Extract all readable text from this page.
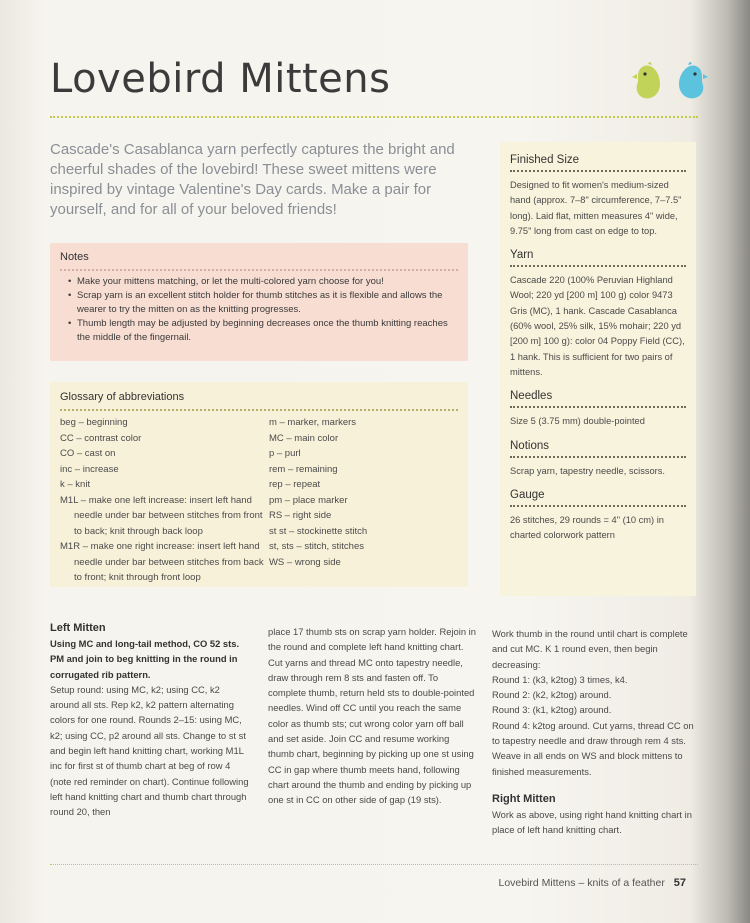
Lovebird Mittens
Cascade's Casablanca yarn perfectly captures the bright and cheerful shades of the lovebird! These sweet mittens were inspired by vintage Valentine's Day cards. Make a pair for yourself, and for all of your beloved friends!
Notes
• Make your mittens matching, or let the multi-colored yarn choose for you!
• Scrap yarn is an excellent stitch holder for thumb stitches as it is flexible and allows the wearer to try the mitten on as the knitting progresses.
• Thumb length may be adjusted by beginning decreases once the thumb knitting reaches the middle of the fingernail.
Glossary of abbreviations
beg – beginning
CC – contrast color
CO – cast on
inc – increase
k – knit
M1L – make one left increase: insert left hand needle under bar between stitches from front to back; knit through back loop
M1R – make one right increase: insert left hand needle under bar between stitches from back to front; knit through front loop
m – marker, markers
MC – main color
p – purl
rem – remaining
rep – repeat
pm – place marker
RS – right side
st st – stockinette stitch
st, sts – stitch, stitches
WS – wrong side
Finished Size
Designed to fit women's medium-sized hand (approx. 7–8" circumference, 7–7.5" long). Laid flat, mitten measures 4" wide, 9.75" long from cast on edge to top.
Yarn
Cascade 220 (100% Peruvian Highland Wool; 220 yd [200 m] 100 g) color 9473 Gris (MC), 1 hank. Cascade Casablanca (60% wool, 25% silk, 15% mohair; 220 yd [200 m] 100 g): color 04 Poppy Field (CC), 1 hank. This is sufficient for two pairs of mittens.
Needles
Size 5 (3.75 mm) double-pointed
Notions
Scrap yarn, tapestry needle, scissors.
Gauge
26 stitches, 29 rounds = 4" (10 cm) in charted colorwork pattern
Left Mitten

Using MC and long-tail method, CO 52 sts. PM and join to beg knitting in the round in corrugated rib pattern.

Setup round: using MC, k2; using CC, k2 around all sts. Rep k2, k2 pattern alternating colors for one round. Rounds 2–15: using MC, k2; using CC, p2 around all sts. Change to st st and begin left hand knitting chart, working M1L inc for first st of thumb chart at beg of row 4 (note red reminder on chart). Continue following left hand knitting chart and thumb chart through round 20, then

place 17 thumb sts on scrap yarn holder. Rejoin in the round and complete left hand knitting chart. Cut yarns and thread MC onto tapestry needle, draw through rem 8 sts and fasten off. To complete thumb, return held sts to double-pointed needles. Wind off CC until you reach the same color as thumb sts; cut wrong color yarn off ball and set aside. Join CC and resume working thumb chart, beginning by picking up one st using CC in gap where thumb meets hand, following chart around the thumb and ending by picking up one st in CC on other side of gap (19 sts).

Work thumb in the round until chart is complete and cut MC. K 1 round even, then begin decreasing:

Round 1: (k3, k2tog) 3 times, k4.

Round 2: (k2, k2tog) around.

Round 3: (k1, k2tog) around.

Round 4: k2tog around. Cut yarns, thread CC on to tapestry needle and draw through rem 4 sts.

Weave in all ends on WS and block mittens to finished measurements.

Right Mitten

Work as above, using right hand knitting chart in place of left hand knitting chart.

Lovebird Mittens – knits of a feather 57
